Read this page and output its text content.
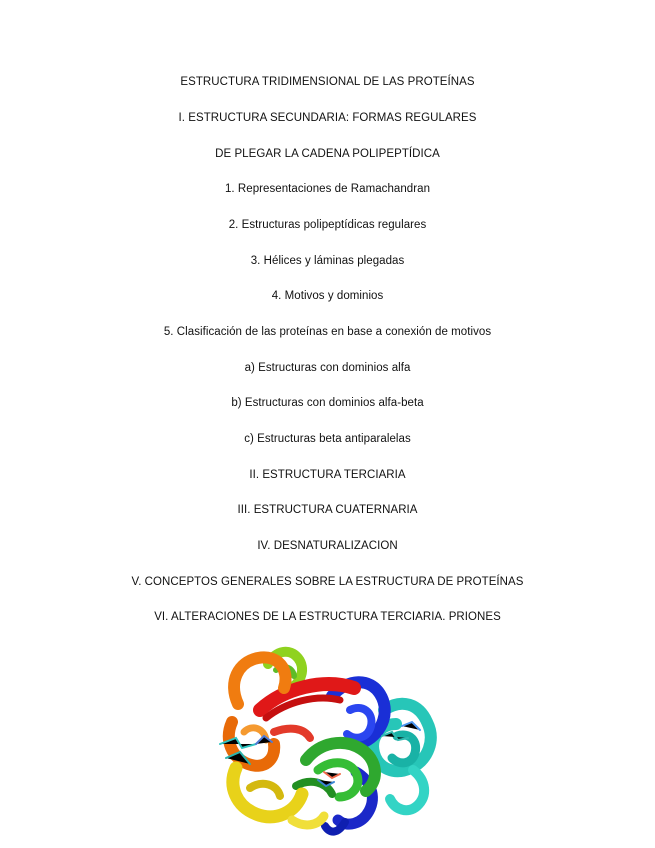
ESTRUCTURA TRIDIMENSIONAL DE LAS PROTEÍNAS
I. ESTRUCTURA SECUNDARIA: FORMAS REGULARES
DE PLEGAR LA CADENA POLIPEPTÍDICA
1. Representaciones de Ramachandran
2. Estructuras polipeptídicas regulares
3. Hélices y láminas plegadas
4. Motivos y dominios
5. Clasificación de las proteínas en base a conexión de motivos
a) Estructuras con dominios alfa
b) Estructuras con dominios alfa-beta
c) Estructuras beta antiparalelas
II. ESTRUCTURA TERCIARIA
III. ESTRUCTURA CUATERNARIA
IV. DESNATURALIZACION
V. CONCEPTOS GENERALES SOBRE LA ESTRUCTURA DE PROTEÍNAS
VI. ALTERACIONES DE LA ESTRUCTURA TERCIARIA. PRIONES
